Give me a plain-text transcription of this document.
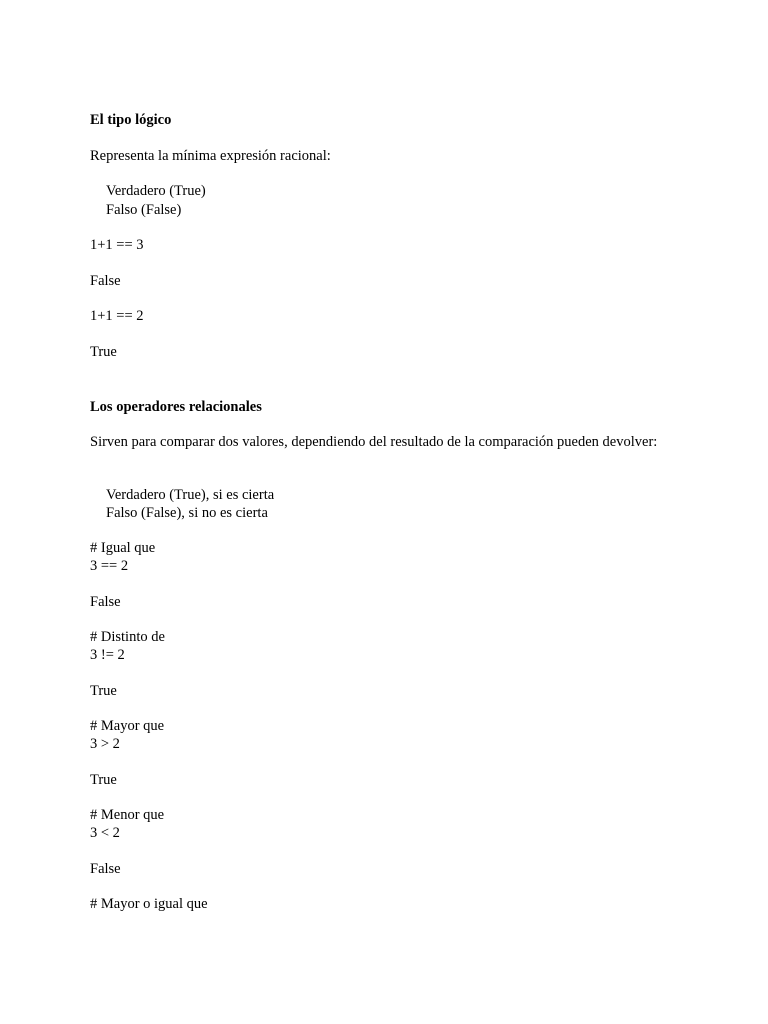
El tipo lógico
Representa la mínima expresión racional:
Verdadero (True)
Falso (False)
1+1 == 3
False
1+1 == 2
True
Los operadores relacionales
Sirven para comparar dos valores, dependiendo del resultado de la comparación pueden devolver:
Verdadero (True), si es cierta
Falso (False), si no es cierta
# Igual que
3 == 2
False
# Distinto de
3 != 2
True
# Mayor que
3 > 2
True
# Menor que
3 < 2
False
# Mayor o igual que
